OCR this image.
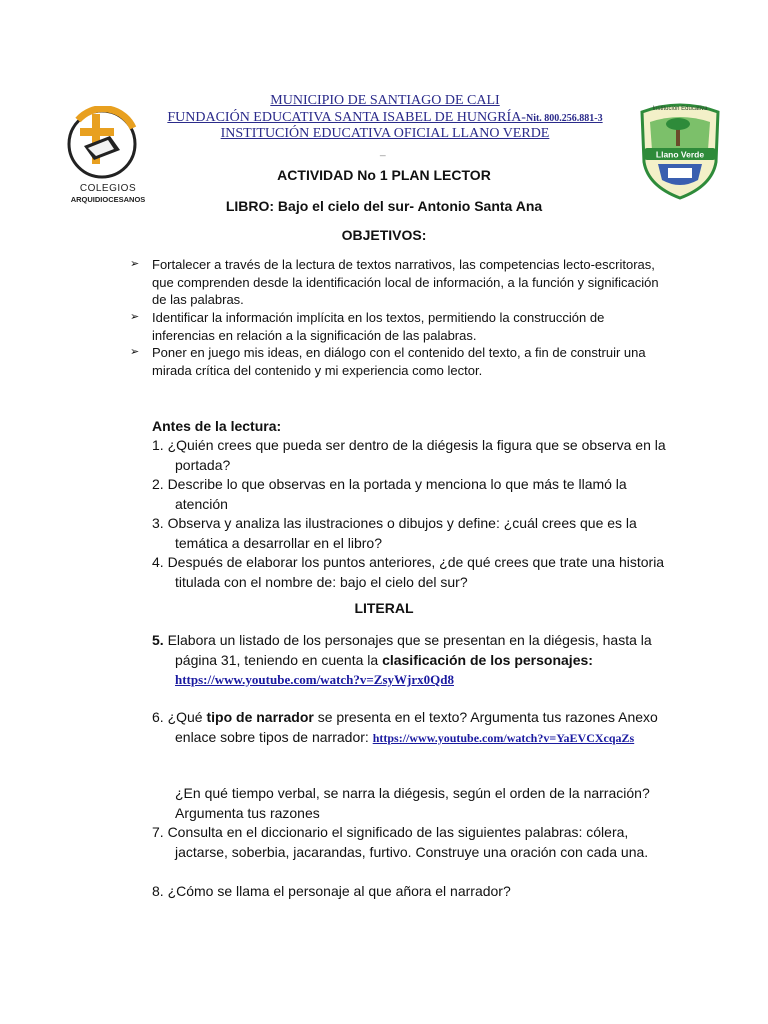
COLEGIOS
ARQUIDIOCESANOS
Llano Verde
Institución Educativa
MUNICIPIO DE SANTIAGO DE CALI
FUNDACIÓN EDUCATIVA SANTA ISABEL DE HUNGRÍA-Nit. 800.256.881-3
INSTITUCIÓN EDUCATIVA OFICIAL LLANO VERDE
_
ACTIVIDAD No 1 PLAN LECTOR
LIBRO: Bajo el cielo del sur- Antonio Santa Ana
OBJETIVOS:
➢ Fortalecer a través de la lectura de textos narrativos, las competencias lecto-escritoras, que comprenden desde la identificación local de información, a la función y significación de las palabras.
➢ Identificar la información implícita en los textos, permitiendo la construcción de inferencias en relación a la significación de las palabras.
➢ Poner en juego mis ideas, en diálogo con el contenido del texto, a fin de construir una mirada crítica del contenido y mi experiencia como lector.
Antes de la lectura:
1. ¿Quién crees que pueda ser dentro de la diégesis la figura que se observa en la portada?
2. Describe lo que observas en la portada y menciona lo que más te llamó la atención
3. Observa y analiza las ilustraciones o dibujos y define: ¿cuál crees que es la temática a desarrollar en el libro?
4. Después de elaborar los puntos anteriores, ¿de qué crees que trate una historia titulada con el nombre de: bajo el cielo del sur?
LITERAL
5. Elabora un listado de los personajes que se presentan en la diégesis, hasta la página 31, teniendo en cuenta la clasificación de los personajes: https://www.youtube.com/watch?v=ZsyWjrx0Qd8
6. ¿Qué tipo de narrador se presenta en el texto? Argumenta tus razones Anexo enlace sobre tipos de narrador: https://www.youtube.com/watch?v=YaEVCXcqaZs
¿En qué tiempo verbal, se narra la diégesis, según el orden de la narración? Argumenta tus razones
7. Consulta en el diccionario el significado de las siguientes palabras: cólera, jactarse, soberbia, jacarandas, furtivo. Construye una oración con cada una.
8. ¿Cómo se llama el personaje al que añora el narrador?
